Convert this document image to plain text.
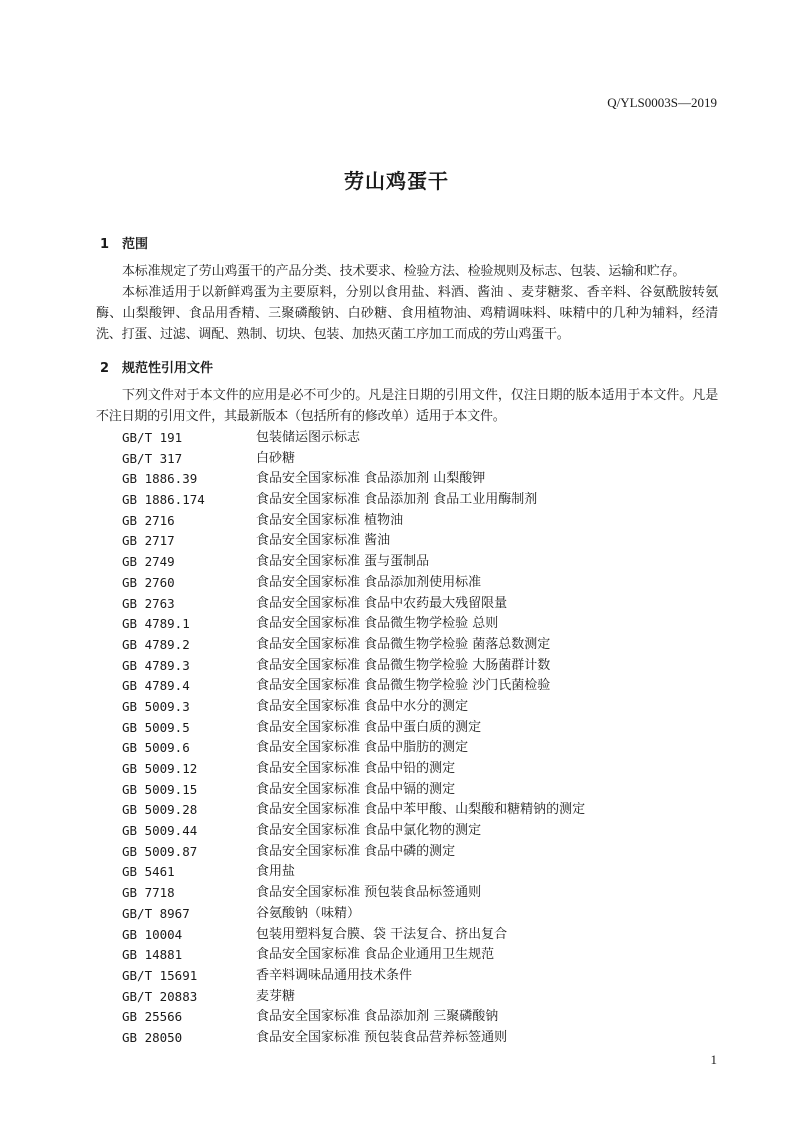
Q/YLS0003S—2019
劳山鸡蛋干
1 范围
本标准规定了劳山鸡蛋干的产品分类、技术要求、检验方法、检验规则及标志、包装、运输和贮存。
本标准适用于以新鲜鸡蛋为主要原料，分别以食用盐、料酒、酱油 、麦芽糖浆、香辛料、谷氨酰胺转氨酶、山梨酸钾、食品用香精、三聚磷酸钠、白砂糖、食用植物油、鸡精调味料、味精中的几种为辅料，经清洗、打蛋、过滤、调配、熟制、切块、包装、加热灭菌工序加工而成的劳山鸡蛋干。
2 规范性引用文件
下列文件对于本文件的应用是必不可少的。凡是注日期的引用文件，仅注日期的版本适用于本文件。凡是不注日期的引用文件，其最新版本（包括所有的修改单）适用于本文件。
GB/T 191	包装储运图示标志
GB/T 317	白砂糖
GB 1886.39	食品安全国家标准 食品添加剂 山梨酸钾
GB 1886.174	食品安全国家标准 食品添加剂 食品工业用酶制剂
GB 2716	食品安全国家标准 植物油
GB 2717	食品安全国家标准 酱油
GB 2749	食品安全国家标准 蛋与蛋制品
GB 2760	食品安全国家标准 食品添加剂使用标准
GB 2763	食品安全国家标准 食品中农药最大残留限量
GB 4789.1	食品安全国家标准 食品微生物学检验 总则
GB 4789.2	食品安全国家标准 食品微生物学检验 菌落总数测定
GB 4789.3	食品安全国家标准 食品微生物学检验 大肠菌群计数
GB 4789.4	食品安全国家标准 食品微生物学检验 沙门氏菌检验
GB 5009.3	食品安全国家标准 食品中水分的测定
GB 5009.5	食品安全国家标准 食品中蛋白质的测定
GB 5009.6	食品安全国家标准 食品中脂肪的测定
GB 5009.12	食品安全国家标准 食品中铅的测定
GB 5009.15	食品安全国家标准 食品中镉的测定
GB 5009.28	食品安全国家标准 食品中苯甲酸、山梨酸和糖精钠的测定
GB 5009.44	食品安全国家标准 食品中氯化物的测定
GB 5009.87	食品安全国家标准 食品中磷的测定
GB 5461	食用盐
GB 7718	食品安全国家标准 预包装食品标签通则
GB/T 8967	谷氨酸钠（味精）
GB 10004	包装用塑料复合膜、袋 干法复合、挤出复合
GB 14881	食品安全国家标准 食品企业通用卫生规范
GB/T 15691	香辛料调味品通用技术条件
GB/T 20883	麦芽糖
GB 25566	食品安全国家标准 食品添加剂 三聚磷酸钠
GB 28050	食品安全国家标准 预包装食品营养标签通则
1
